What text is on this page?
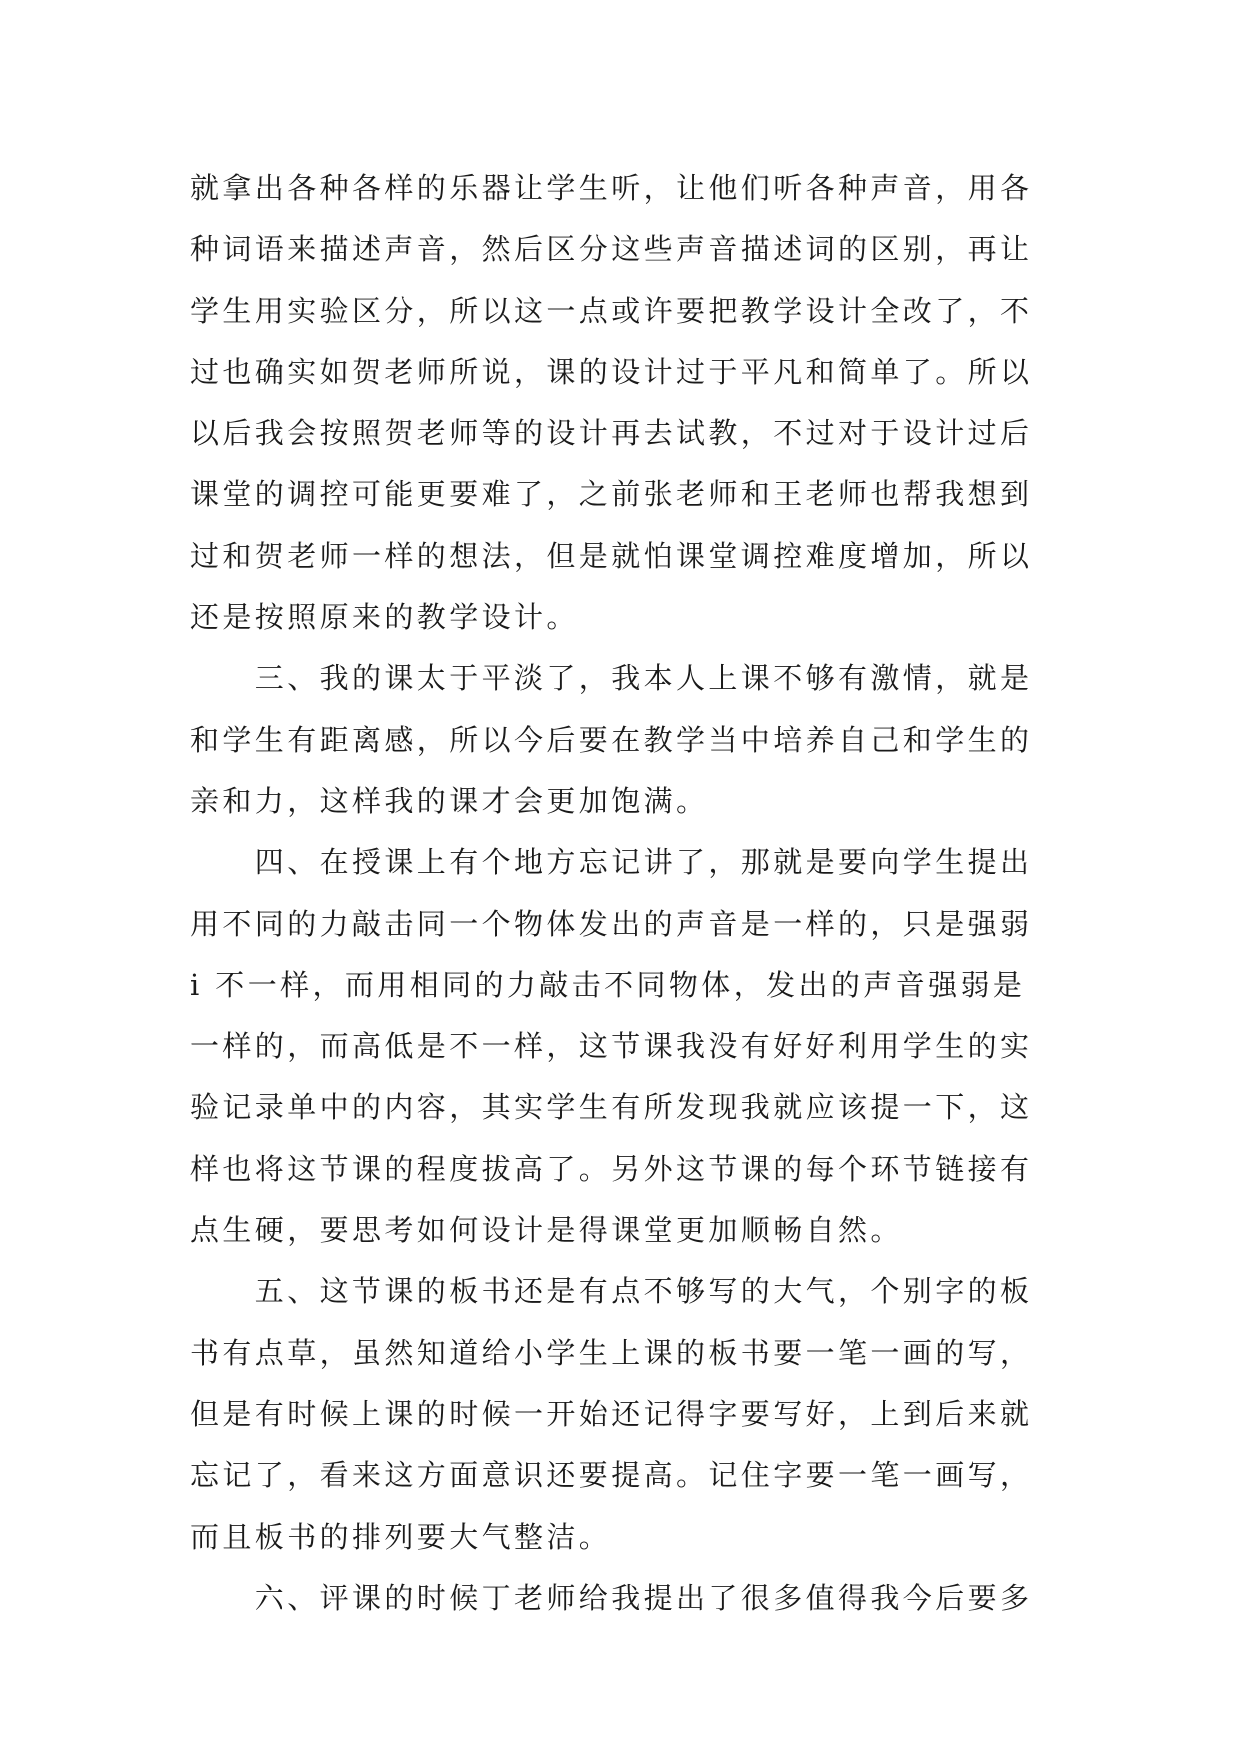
就拿出各种各样的乐器让学生听，让他们听各种声音，用各
种词语来描述声音，然后区分这些声音描述词的区别，再让
学生用实验区分，所以这一点或许要把教学设计全改了，不
过也确实如贺老师所说，课的设计过于平凡和简单了。所以
以后我会按照贺老师等的设计再去试教，不过对于设计过后
课堂的调控可能更要难了，之前张老师和王老师也帮我想到
过和贺老师一样的想法，但是就怕课堂调控难度增加，所以
还是按照原来的教学设计。
　　三、我的课太于平淡了，我本人上课不够有激情，就是
和学生有距离感，所以今后要在教学当中培养自己和学生的
亲和力，这样我的课才会更加饱满。
　　四、在授课上有个地方忘记讲了，那就是要向学生提出
用不同的力敲击同一个物体发出的声音是一样的，只是强弱
i 不一样，而用相同的力敲击不同物体，发出的声音强弱是
一样的，而高低是不一样，这节课我没有好好利用学生的实
验记录单中的内容，其实学生有所发现我就应该提一下，这
样也将这节课的程度拔高了。另外这节课的每个环节链接有
点生硬，要思考如何设计是得课堂更加顺畅自然。
　　五、这节课的板书还是有点不够写的大气，个别字的板
书有点草，虽然知道给小学生上课的板书要一笔一画的写，
但是有时候上课的时候一开始还记得字要写好，上到后来就
忘记了，看来这方面意识还要提高。记住字要一笔一画写，
而且板书的排列要大气整洁。
　　六、评课的时候丁老师给我提出了很多值得我今后要多
